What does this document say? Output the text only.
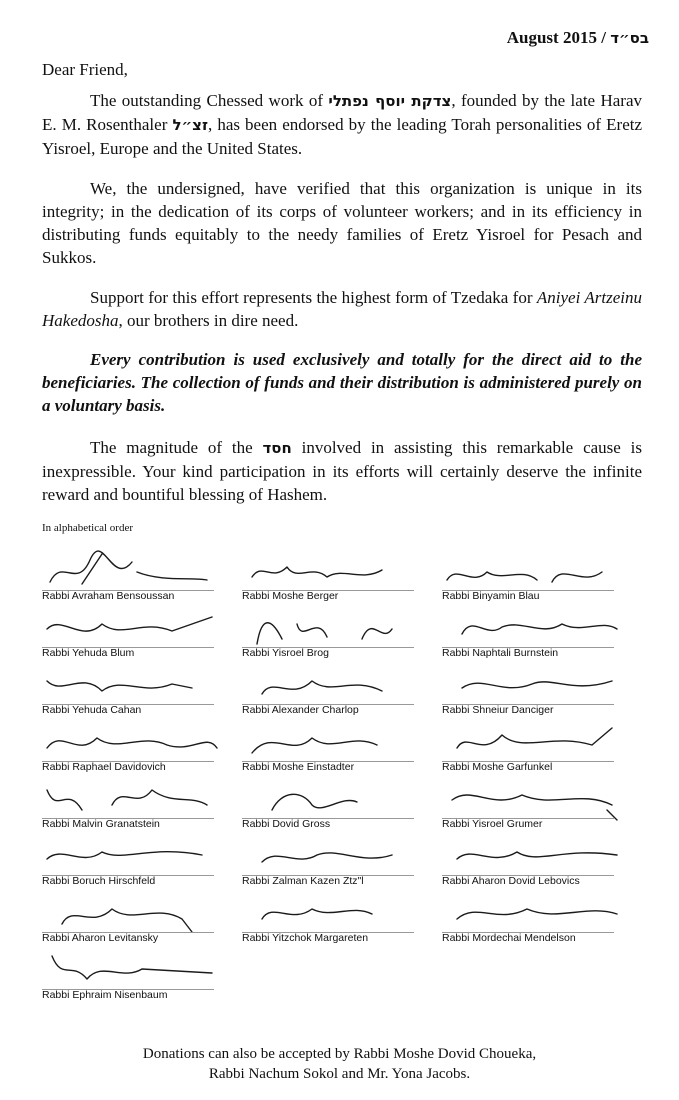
August 2015 / בס״ד
Dear Friend,

The outstanding Chessed work of צדקת יוסף נפתלי, founded by the late Harav E. M. Rosenthaler זצ״ל, has been endorsed by the leading Torah personalities of Eretz Yisroel, Europe and the United States.

We, the undersigned, have verified that this organization is unique in its integrity; in the dedication of its corps of volunteer workers; and in its efficiency in distributing funds equitably to the needy families of Eretz Yisroel for Pesach and Sukkos.

Support for this effort represents the highest form of Tzedaka for Aniyei Artzeinu Hakedosha, our brothers in dire need.

Every contribution is used exclusively and totally for the direct aid to the beneficiaries. The collection of funds and their distribution is administered purely on a voluntary basis.

The magnitude of the חסד involved in assisting this remarkable cause is inexpressible. Your kind participation in its efforts will certainly deserve the infinite reward and bountiful blessing of Hashem.

In alphabetical order
Rabbi Avraham Bensoussan	Rabbi Moshe Berger	Rabbi Binyamin Blau
Rabbi Yehuda Blum	Rabbi Yisroel Brog	Rabbi Naphtali Burnstein
Rabbi Yehuda Cahan	Rabbi Alexander Charlop	Rabbi Shneiur Danciger
Rabbi Raphael Davidovich	Rabbi Moshe Einstadter	Rabbi Moshe Garfunkel
Rabbi Malvin Granatstein	Rabbi Dovid Gross	Rabbi Yisroel Grumer
Rabbi Boruch Hirschfeld	Rabbi Zalman Kazen Ztz"l	Rabbi Aharon Dovid Lebovics
Rabbi Aharon Levitansky	Rabbi Yitzchok Margareten	Rabbi Mordechai Mendelson
Rabbi Ephraim Nisenbaum
Donations can also be accepted by Rabbi Moshe Dovid Choueka,
Rabbi Nachum Sokol and Mr. Yona Jacobs.
